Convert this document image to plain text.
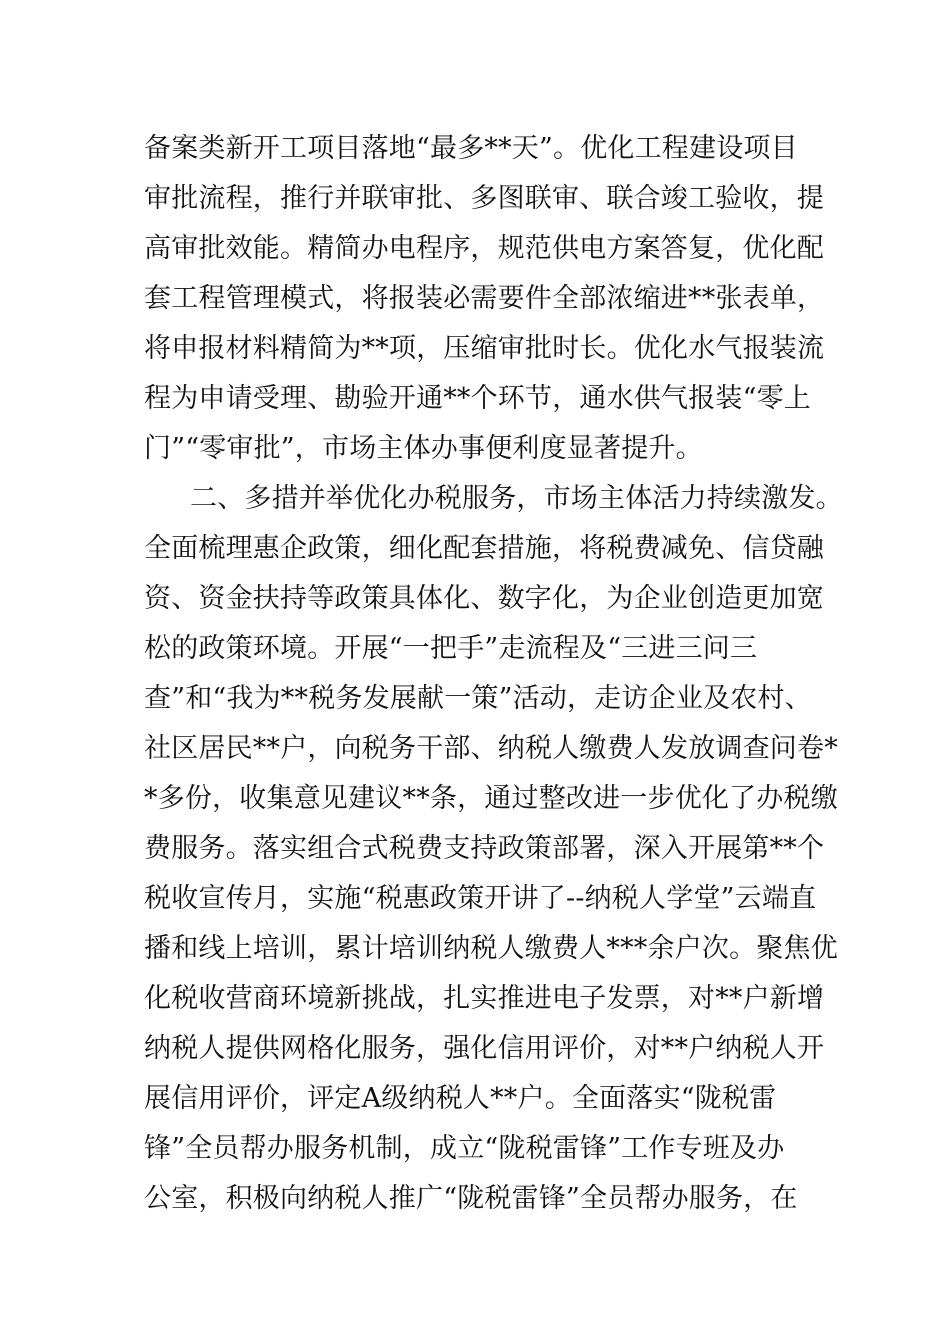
备案类新开工项目落地“最多**天”。优化工程建设项目
审批流程，推行并联审批、多图联审、联合竣工验收，提
高审批效能。精简办电程序，规范供电方案答复，优化配
套工程管理模式，将报装必需要件全部浓缩进**张表单，
将申报材料精简为**项，压缩审批时长。优化水气报装流
程为申请受理、勘验开通**个环节，通水供气报装“零上
门”“零审批”，市场主体办事便利度显著提升。
二、多措并举优化办税服务，市场主体活力持续激发。
全面梳理惠企政策，细化配套措施，将税费减免、信贷融
资、资金扶持等政策具体化、数字化，为企业创造更加宽
松的政策环境。开展“一把手”走流程及“三进三问三
查”和“我为**税务发展献一策”活动，走访企业及农村、
社区居民**户，向税务干部、纳税人缴费人发放调查问卷*
*多份，收集意见建议**条，通过整改进一步优化了办税缴
费服务。落实组合式税费支持政策部署，深入开展第**个
税收宣传月，实施“税惠政策开讲了--纳税人学堂”云端直
播和线上培训，累计培训纳税人缴费人***余户次。聚焦优
化税收营商环境新挑战，扎实推进电子发票，对**户新增
纳税人提供网格化服务，强化信用评价，对**户纳税人开
展信用评价，评定A级纳税人**户。全面落实“陇税雷
锋”全员帮办服务机制，成立“陇税雷锋”工作专班及办
公室，积极向纳税人推广“陇税雷锋”全员帮办服务，在
